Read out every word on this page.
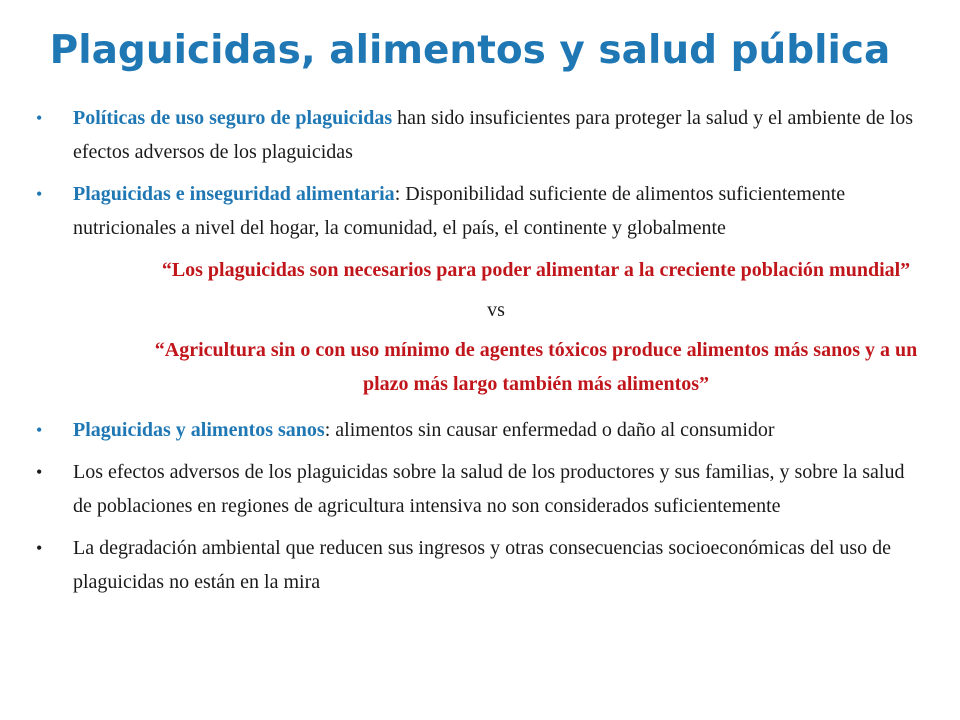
Plaguicidas, alimentos y salud pública
• Políticas de uso seguro de plaguicidas han sido insuficientes para proteger la salud y el ambiente de los efectos adversos de los plaguicidas
• Plaguicidas e inseguridad alimentaria: Disponibilidad suficiente de alimentos suficientemente nutricionales a nivel del hogar, la comunidad, el país, el continente y globalmente
“Los plaguicidas son necesarios para poder alimentar a la creciente población mundial”
vs
“Agricultura sin o con uso mínimo de agentes tóxicos produce alimentos más sanos y a un plazo más largo también más alimentos”
• Plaguicidas y alimentos sanos: alimentos sin causar enfermedad o daño al consumidor
• Los efectos adversos de los plaguicidas sobre la salud de los productores y sus familias, y sobre la salud de poblaciones en regiones de agricultura intensiva no son considerados suficientemente
• La degradación ambiental que reducen sus ingresos y otras consecuencias socioeconómicas del uso de plaguicidas no están en la mira
